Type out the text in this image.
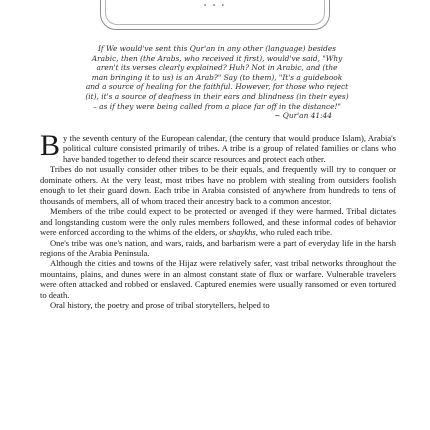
• • •
If We would've sent this Qur'an in any other (language) besides
Arabic, then (the Arabs, who received it first), would've said, "Why
aren't its verses clearly explained? Huh? Not in Arabic, and (the
man bringing it to us) is an Arab?" Say (to them), "It's a guidebook
and a source of healing for the faithful. However, for those who reject
(it), it's a source of deafness in their ears and blindness (in their eyes)
– as if they were being called from a place far off in the distance!"
~ Qur'an 41:44

By the seventh century of the European calendar, (the century that would produce Islam), Arabia's political culture consisted primarily of tribes. A tribe is a group of related families or clans who have banded together to defend their scarce resources and protect each other.

Tribes do not usually consider other tribes to be their equals, and frequently will try to conquer or dominate others. At the very least, most tribes have no problem with stealing from outsiders foolish enough to let their guard down. Each tribe in Arabia consisted of anywhere from hundreds to tens of thousands of members, all of whom traced their ancestry back to a common ancestor.

Members of the tribe could expect to be protected or avenged if they were harmed. Tribal dictates and longstanding custom were the only rules members followed, and these informal codes of behavior were enforced according to the whims of the elders, or shaykhs, who ruled each tribe.

One's tribe was one's nation, and wars, raids, and barbarism were a part of everyday life in the harsh regions of the Arabia Peninsula.

Although the cities and towns of the Hijaz were relatively safer, vast tribal networks throughout the mountains, plains, and dunes were in an almost constant state of flux or warfare. Vulnerable travelers were often attacked and robbed or enslaved. Captured enemies were usually ransomed or even tortured to death.

Oral history, the poetry and prose of tribal storytellers, helped to
